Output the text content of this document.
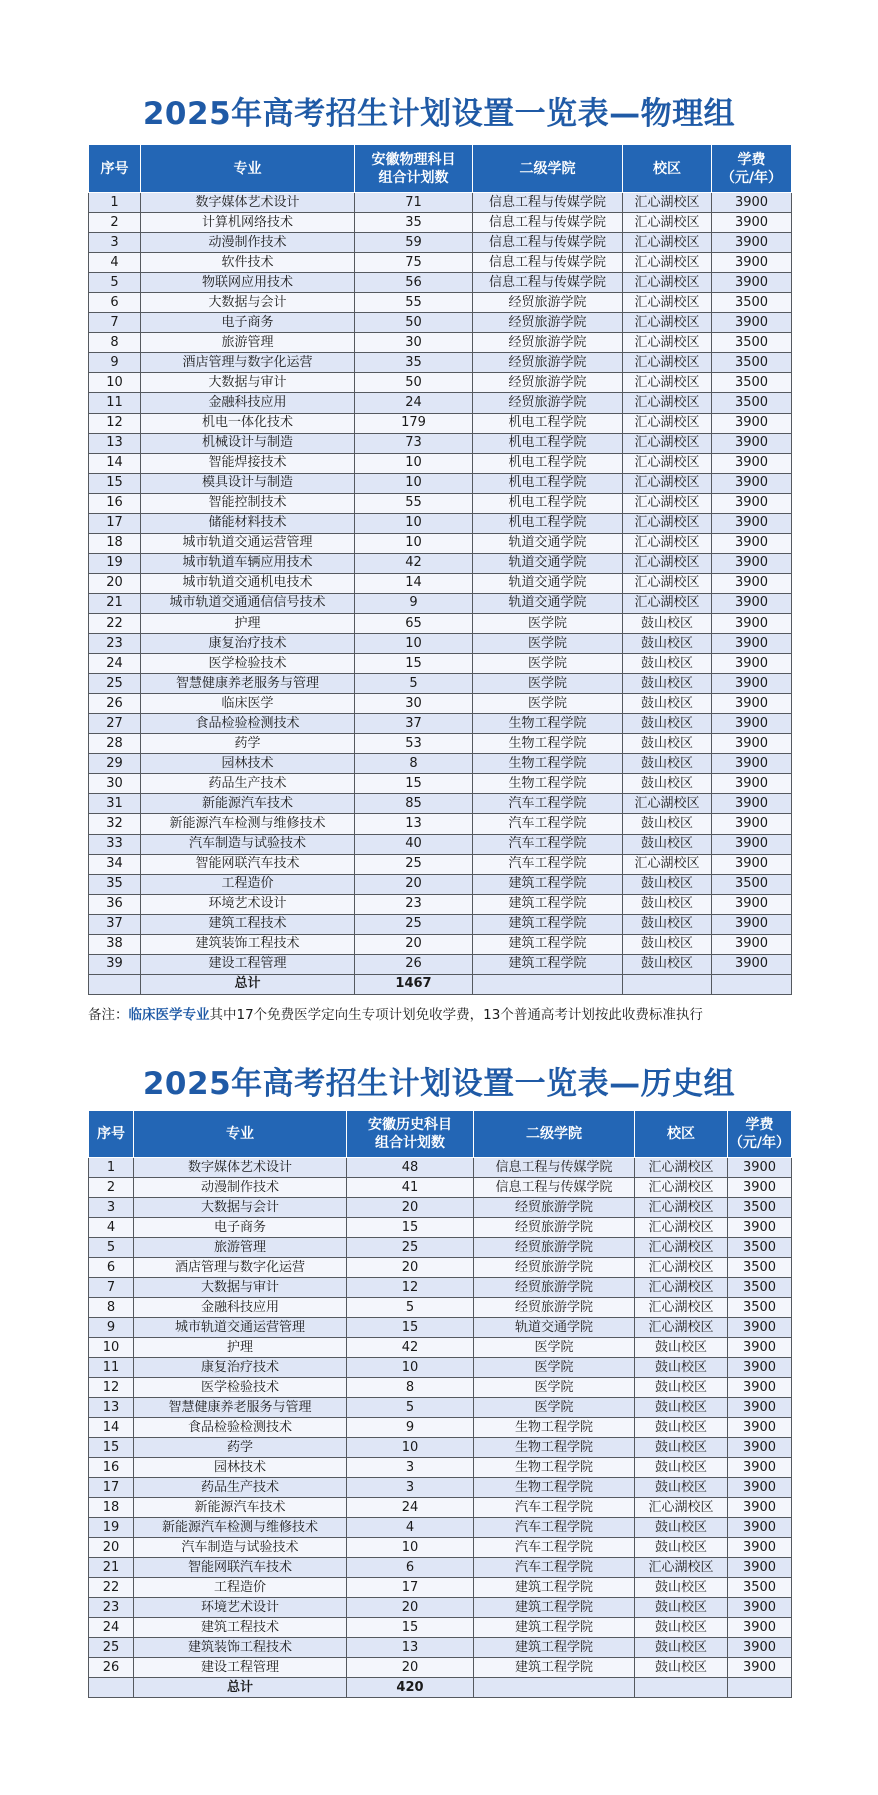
2025年高考招生计划设置一览表—物理组
序号	专业	安徽物理科目
组合计划数	二级学院	校区	学费
（元/年）
1	数字媒体艺术设计	71	信息工程与传媒学院	汇心湖校区	3900
2	计算机网络技术	35	信息工程与传媒学院	汇心湖校区	3900
3	动漫制作技术	59	信息工程与传媒学院	汇心湖校区	3900
4	软件技术	75	信息工程与传媒学院	汇心湖校区	3900
5	物联网应用技术	56	信息工程与传媒学院	汇心湖校区	3900
6	大数据与会计	55	经贸旅游学院	汇心湖校区	3500
7	电子商务	50	经贸旅游学院	汇心湖校区	3900
8	旅游管理	30	经贸旅游学院	汇心湖校区	3500
9	酒店管理与数字化运营	35	经贸旅游学院	汇心湖校区	3500
10	大数据与审计	50	经贸旅游学院	汇心湖校区	3500
11	金融科技应用	24	经贸旅游学院	汇心湖校区	3500
12	机电一体化技术	179	机电工程学院	汇心湖校区	3900
13	机械设计与制造	73	机电工程学院	汇心湖校区	3900
14	智能焊接技术	10	机电工程学院	汇心湖校区	3900
15	模具设计与制造	10	机电工程学院	汇心湖校区	3900
16	智能控制技术	55	机电工程学院	汇心湖校区	3900
17	储能材料技术	10	机电工程学院	汇心湖校区	3900
18	城市轨道交通运营管理	10	轨道交通学院	汇心湖校区	3900
19	城市轨道车辆应用技术	42	轨道交通学院	汇心湖校区	3900
20	城市轨道交通机电技术	14	轨道交通学院	汇心湖校区	3900
21	城市轨道交通通信信号技术	9	轨道交通学院	汇心湖校区	3900
22	护理	65	医学院	鼓山校区	3900
23	康复治疗技术	10	医学院	鼓山校区	3900
24	医学检验技术	15	医学院	鼓山校区	3900
25	智慧健康养老服务与管理	5	医学院	鼓山校区	3900
26	临床医学	30	医学院	鼓山校区	3900
27	食品检验检测技术	37	生物工程学院	鼓山校区	3900
28	药学	53	生物工程学院	鼓山校区	3900
29	园林技术	8	生物工程学院	鼓山校区	3900
30	药品生产技术	15	生物工程学院	鼓山校区	3900
31	新能源汽车技术	85	汽车工程学院	汇心湖校区	3900
32	新能源汽车检测与维修技术	13	汽车工程学院	鼓山校区	3900
33	汽车制造与试验技术	40	汽车工程学院	鼓山校区	3900
34	智能网联汽车技术	25	汽车工程学院	汇心湖校区	3900
35	工程造价	20	建筑工程学院	鼓山校区	3500
36	环境艺术设计	23	建筑工程学院	鼓山校区	3900
37	建筑工程技术	25	建筑工程学院	鼓山校区	3900
38	建筑装饰工程技术	20	建筑工程学院	鼓山校区	3900
39	建设工程管理	26	建筑工程学院	鼓山校区	3900
	总计	1467			
备注：临床医学专业其中17个免费医学定向生专项计划免收学费，13个普通高考计划按此收费标准执行
2025年高考招生计划设置一览表—历史组
序号	专业	安徽历史科目
组合计划数	二级学院	校区	学费
（元/年）
1	数字媒体艺术设计	48	信息工程与传媒学院	汇心湖校区	3900
2	动漫制作技术	41	信息工程与传媒学院	汇心湖校区	3900
3	大数据与会计	20	经贸旅游学院	汇心湖校区	3500
4	电子商务	15	经贸旅游学院	汇心湖校区	3900
5	旅游管理	25	经贸旅游学院	汇心湖校区	3500
6	酒店管理与数字化运营	20	经贸旅游学院	汇心湖校区	3500
7	大数据与审计	12	经贸旅游学院	汇心湖校区	3500
8	金融科技应用	5	经贸旅游学院	汇心湖校区	3500
9	城市轨道交通运营管理	15	轨道交通学院	汇心湖校区	3900
10	护理	42	医学院	鼓山校区	3900
11	康复治疗技术	10	医学院	鼓山校区	3900
12	医学检验技术	8	医学院	鼓山校区	3900
13	智慧健康养老服务与管理	5	医学院	鼓山校区	3900
14	食品检验检测技术	9	生物工程学院	鼓山校区	3900
15	药学	10	生物工程学院	鼓山校区	3900
16	园林技术	3	生物工程学院	鼓山校区	3900
17	药品生产技术	3	生物工程学院	鼓山校区	3900
18	新能源汽车技术	24	汽车工程学院	汇心湖校区	3900
19	新能源汽车检测与维修技术	4	汽车工程学院	鼓山校区	3900
20	汽车制造与试验技术	10	汽车工程学院	鼓山校区	3900
21	智能网联汽车技术	6	汽车工程学院	汇心湖校区	3900
22	工程造价	17	建筑工程学院	鼓山校区	3500
23	环境艺术设计	20	建筑工程学院	鼓山校区	3900
24	建筑工程技术	15	建筑工程学院	鼓山校区	3900
25	建筑装饰工程技术	13	建筑工程学院	鼓山校区	3900
26	建设工程管理	20	建筑工程学院	鼓山校区	3900
	总计	420			
